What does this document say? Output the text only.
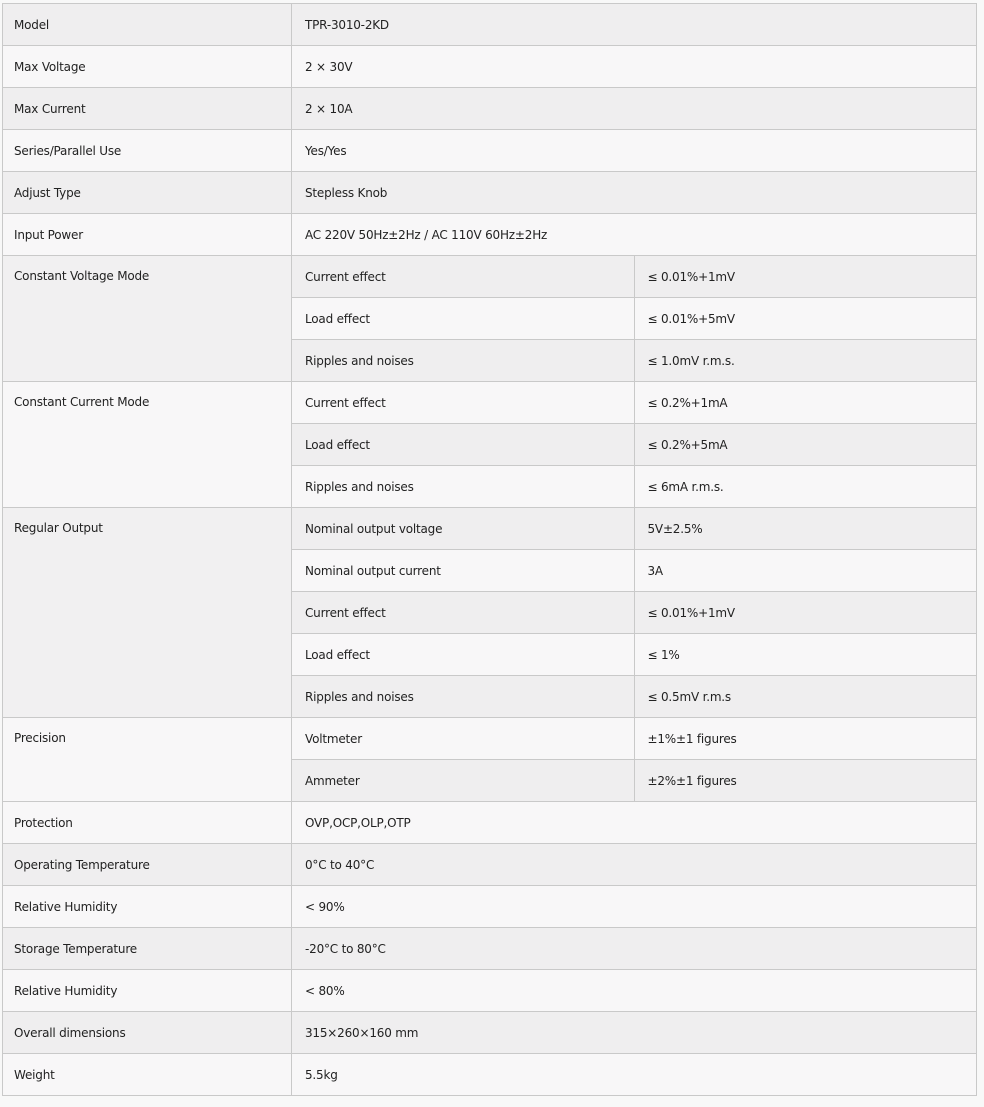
Model	TPR-3010-2KD	
Max Voltage	2 × 30V	
Max Current	2 × 10A	
Series/Parallel Use	Yes/Yes	
Adjust Type	Stepless Knob	
Input Power	AC 220V 50Hz±2Hz / AC 110V 60Hz±2Hz	
Constant Voltage Mode	Current effect	≤ 0.01%+1mV
	Load effect	≤ 0.01%+5mV
	Ripples and noises	≤ 1.0mV r.m.s.
Constant Current Mode	Current effect	≤ 0.2%+1mA
	Load effect	≤ 0.2%+5mA
	Ripples and noises	≤ 6mA r.m.s.
Regular Output	Nominal output voltage	5V±2.5%
	Nominal output current	3A
	Current effect	≤ 0.01%+1mV
	Load effect	≤ 1%
	Ripples and noises	≤ 0.5mV r.m.s
Precision	Voltmeter	±1%±1 figures
	Ammeter	±2%±1 figures
Protection	OVP,OCP,OLP,OTP	
Operating Temperature	0°C to 40°C	
Relative Humidity	< 90%	
Storage Temperature	-20°C to 80°C	
Relative Humidity	< 80%	
Overall dimensions	315×260×160 mm	
Weight	5.5kg	
